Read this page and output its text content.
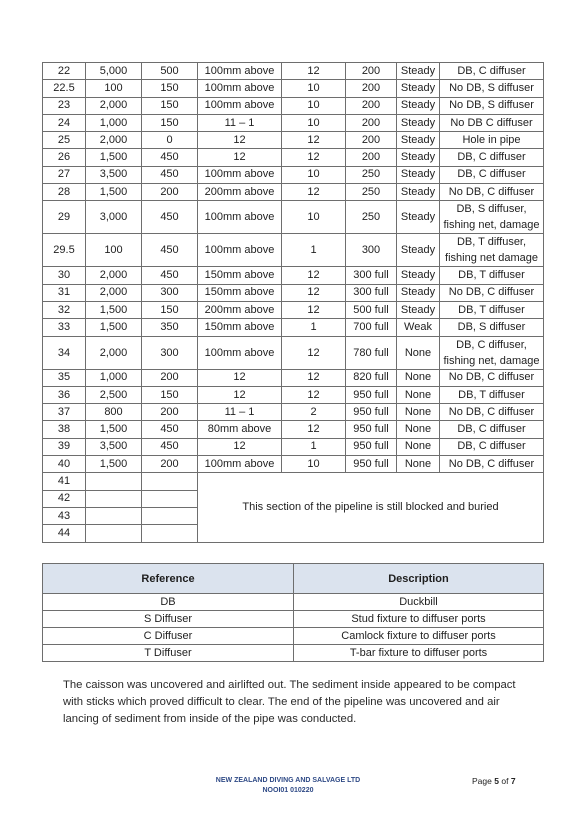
22	5,000	500	100mm above	12	200	Steady	DB, C diffuser
22.5	100	150	100mm above	10	200	Steady	No DB, S diffuser
23	2,000	150	100mm above	10	200	Steady	No DB, S diffuser
24	1,000	150	11 – 1	10	200	Steady	No DB C diffuser
25	2,000	0	12	12	200	Steady	Hole in pipe
26	1,500	450	12	12	200	Steady	DB, C diffuser
27	3,500	450	100mm above	10	250	Steady	DB, C diffuser
28	1,500	200	200mm above	12	250	Steady	No DB, C diffuser
29	3,000	450	100mm above	10	250	Steady	DB, S diffuser, fishing net, damage
29.5	100	450	100mm above	1	300	Steady	DB, T diffuser, fishing net damage
30	2,000	450	150mm above	12	300 full	Steady	DB, T diffuser
31	2,000	300	150mm above	12	300 full	Steady	No DB, C diffuser
32	1,500	150	200mm above	12	500 full	Steady	DB, T diffuser
33	1,500	350	150mm above	1	700 full	Weak	DB, S diffuser
34	2,000	300	100mm above	12	780 full	None	DB, C diffuser, fishing net, damage
35	1,000	200	12	12	820 full	None	No DB, C diffuser
36	2,500	150	12	12	950 full	None	DB, T diffuser
37	800	200	11 – 1	2	950 full	None	No DB, C diffuser
38	1,500	450	80mm above	12	950 full	None	DB, C diffuser
39	3,500	450	12	1	950 full	None	DB, C diffuser
40	1,500	200	100mm above	10	950 full	None	No DB, C diffuser
41			This section of the pipeline is still blocked and buried				
42							
43							
44							
Reference	Description
DB	Duckbill
S Diffuser	Stud fixture to diffuser ports
C Diffuser	Camlock fixture to diffuser ports
T Diffuser	T-bar fixture to diffuser ports

The caisson was uncovered and airlifted out. The sediment inside appeared to be compact with sticks which proved difficult to clear. The end of the pipeline was uncovered and air lancing of sediment from inside of the pipe was conducted.

NEW ZEALAND DIVING AND SALVAGE LTD
NOOI01 010220
Page 5 of 7
